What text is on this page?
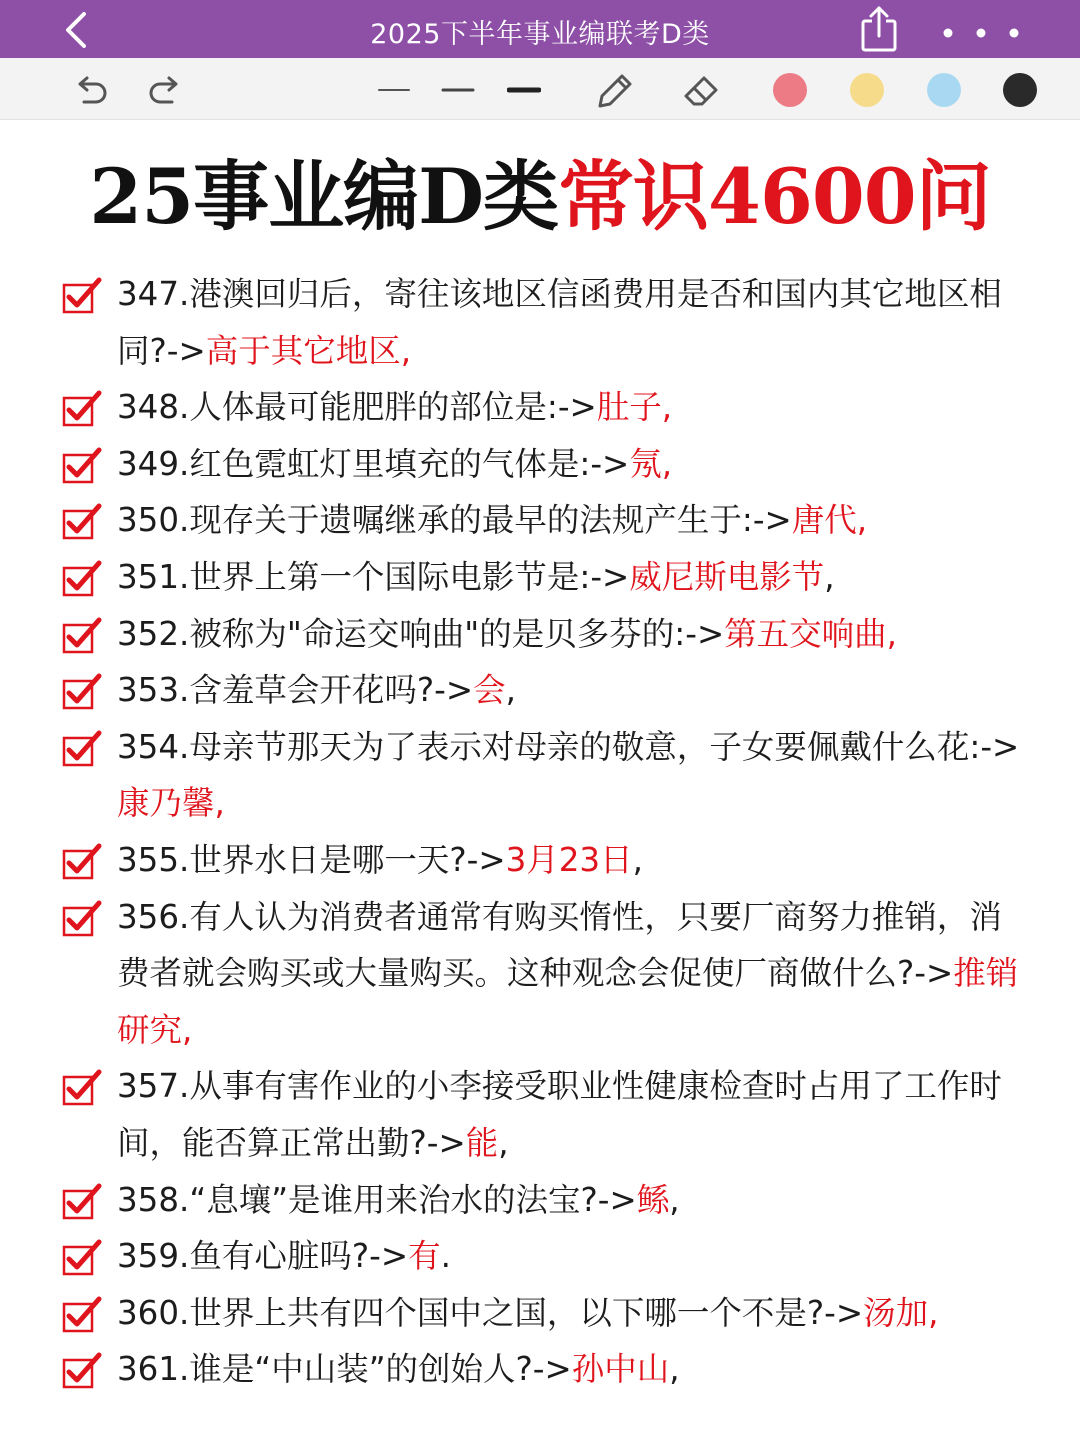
2025下半年事业编联考D类
25事业编D类常识4600问
347.港澳回归后，寄往该地区信函费用是否和国内其它地区相同?->高于其它地区,
348.人体最可能肥胖的部位是:->肚子,
349.红色霓虹灯里填充的气体是:->氖,
350.现存关于遗嘱继承的最早的法规产生于:->唐代,
351.世界上第一个国际电影节是:->威尼斯电影节,
352.被称为"命运交响曲"的是贝多芬的:->第五交响曲,
353.含羞草会开花吗?->会,
354.母亲节那天为了表示对母亲的敬意，子女要佩戴什么花:->康乃馨,
355.世界水日是哪一天?->3月23日,
356.有人认为消费者通常有购买惰性，只要厂商努力推销，消费者就会购买或大量购买。这种观念会促使厂商做什么?->推销研究,
357.从事有害作业的小李接受职业性健康检查时占用了工作时间，能否算正常出勤?->能,
358.“息壤”是谁用来治水的法宝?->鲧,
359.鱼有心脏吗?->有.
360.世界上共有四个国中之国，以下哪一个不是?->汤加,
361.谁是“中山装”的创始人?->孙中山,
